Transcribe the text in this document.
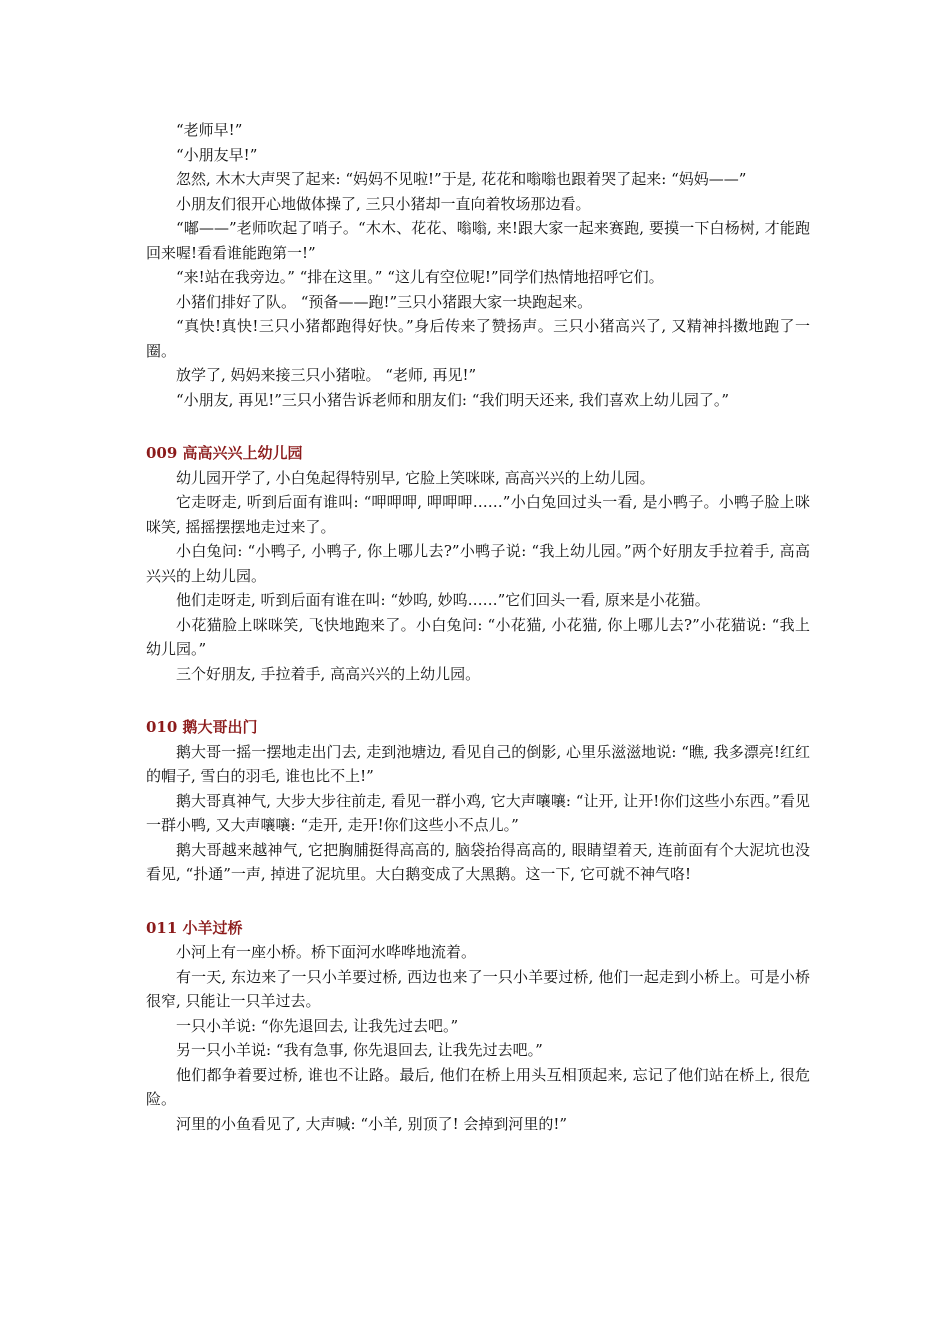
“老师早!”

“小朋友早!”

忽然, 木木大声哭了起来: “妈妈不见啦!”于是, 花花和嗡嗡也跟着哭了起来: “妈妈——”

小朋友们很开心地做体操了, 三只小猪却一直向着牧场那边看。

“嘟——”老师吹起了哨子。“木木、花花、嗡嗡, 来!跟大家一起来赛跑, 要摸一下白杨树, 才能跑回来喔!看看谁能跑第一!”

“来!站在我旁边。” “排在这里。” “这儿有空位呢!”同学们热情地招呼它们。

小猪们排好了队。 “预备——跑!”三只小猪跟大家一块跑起来。

“真快!真快!三只小猪都跑得好快。”身后传来了赞扬声。三只小猪高兴了, 又精神抖擞地跑了一圈。

放学了, 妈妈来接三只小猪啦。 “老师, 再见!”

“小朋友, 再见!”三只小猪告诉老师和朋友们: “我们明天还来, 我们喜欢上幼儿园了。”

009 高高兴兴上幼儿园

幼儿园开学了, 小白兔起得特别早, 它脸上笑咪咪, 高高兴兴的上幼儿园。

它走呀走, 听到后面有谁叫: “呷呷呷, 呷呷呷……”小白兔回过头一看, 是小鸭子。小鸭子脸上咪咪笑, 摇摇摆摆地走过来了。

小白兔问: “小鸭子, 小鸭子, 你上哪儿去?”小鸭子说: “我上幼儿园。”两个好朋友手拉着手, 高高兴兴的上幼儿园。

他们走呀走, 听到后面有谁在叫: “妙呜, 妙呜……”它们回头一看, 原来是小花猫。

小花猫脸上咪咪笑, 飞快地跑来了。小白兔问: “小花猫, 小花猫, 你上哪儿去?”小花猫说: “我上幼儿园。”

三个好朋友, 手拉着手, 高高兴兴的上幼儿园。

010 鹅大哥出门

鹅大哥一摇一摆地走出门去, 走到池塘边, 看见自己的倒影, 心里乐滋滋地说: “瞧, 我多漂亮!红红的帽子, 雪白的羽毛, 谁也比不上!”

鹅大哥真神气, 大步大步往前走, 看见一群小鸡, 它大声嚷嚷: “让开, 让开!你们这些小东西。”看见一群小鸭, 又大声嚷嚷: “走开, 走开!你们这些小不点儿。”

鹅大哥越来越神气, 它把胸脯挺得高高的, 脑袋抬得高高的, 眼睛望着天, 连前面有个大泥坑也没看见, “扑通”一声, 掉进了泥坑里。大白鹅变成了大黑鹅。这一下, 它可就不神气咯!

011 小羊过桥

小河上有一座小桥。桥下面河水哗哗地流着。

有一天, 东边来了一只小羊要过桥, 西边也来了一只小羊要过桥, 他们一起走到小桥上。可是小桥很窄, 只能让一只羊过去。

一只小羊说: “你先退回去, 让我先过去吧。”

另一只小羊说: “我有急事, 你先退回去, 让我先过去吧。”

他们都争着要过桥, 谁也不让路。最后, 他们在桥上用头互相顶起来, 忘记了他们站在桥上, 很危险。

河里的小鱼看见了, 大声喊: “小羊, 别顶了! 会掉到河里的!”
